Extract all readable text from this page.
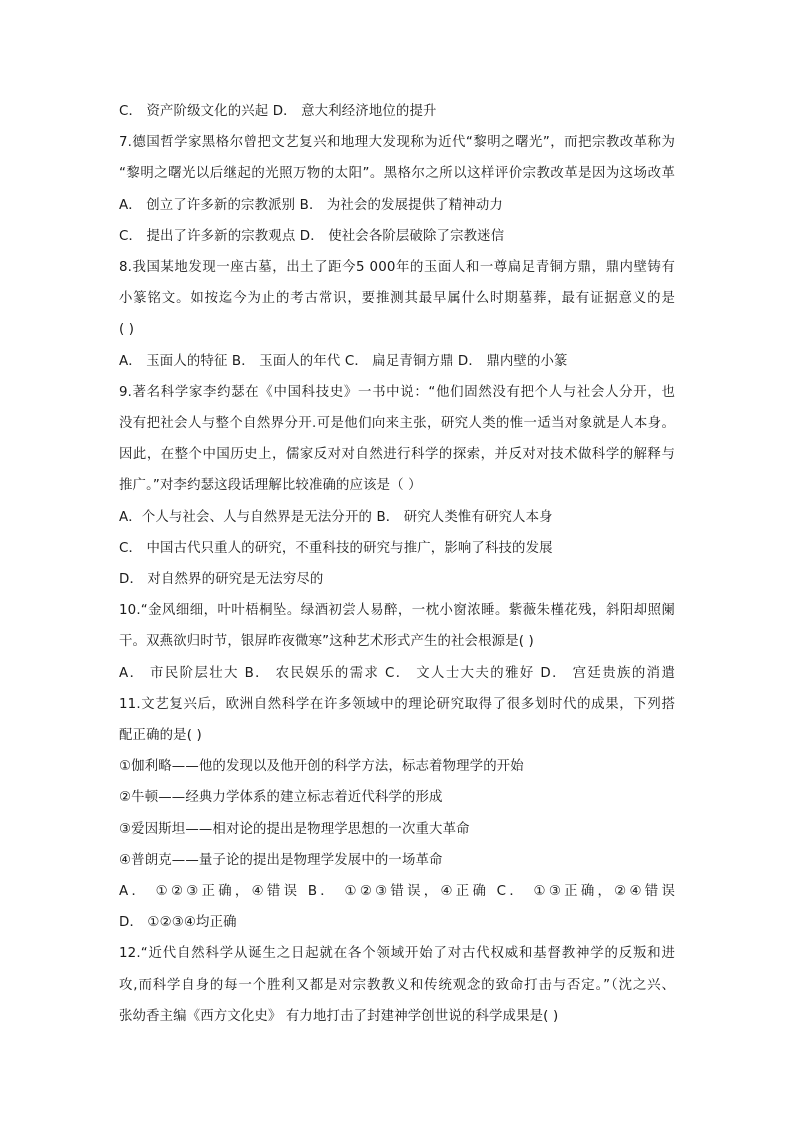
C． 资产阶级文化的兴起 D． 意大利经济地位的提升
7.德国哲学家黑格尔曾把文艺复兴和地理大发现称为近代“黎明之曙光”，而把宗教改革称为
“黎明之曙光以后继起的光照万物的太阳”。黑格尔之所以这样评价宗教改革是因为这场改革
A． 创立了许多新的宗教派别 B． 为社会的发展提供了精神动力
C． 提出了许多新的宗教观点 D． 使社会各阶层破除了宗教迷信
8.我国某地发现一座古墓，出土了距今5 000年的玉面人和一尊扁足青铜方鼎，鼎内壁铸有
小篆铭文。如按迄今为止的考古常识，要推测其最早属什么时期墓葬，最有证据意义的是
( )
A． 玉面人的特征 B． 玉面人的年代 C． 扁足青铜方鼎 D． 鼎内壁的小篆
9.著名科学家李约瑟在《中国科技史》一书中说：“他们固然没有把个人与社会人分开，也
没有把社会人与整个自然界分开.可是他们向来主张，研究人类的惟一适当对象就是人本身。
因此，在整个中国历史上，儒家反对对自然进行科学的探索，并反对对技术做科学的解释与
推广。”对李约瑟这段话理解比较准确的应该是（ ）
A．个人与社会、人与自然界是无法分开的 B． 研究人类惟有研究人本身
C． 中国古代只重人的研究，不重科技的研究与推广，影响了科技的发展
D． 对自然界的研究是无法穷尽的
10.“金风细细，叶叶梧桐坠。绿酒初尝人易醉，一枕小窗浓睡。紫薇朱槿花残，斜阳却照阑
干。双燕欲归时节，银屏昨夜微寒”这种艺术形式产生的社会根源是( )
A． 市民阶层壮大 B． 农民娱乐的需求 C． 文人士大夫的雅好 D． 宫廷贵族的消遣
11.文艺复兴后，欧洲自然科学在许多领域中的理论研究取得了很多划时代的成果，下列搭
配正确的是( )
①伽利略——他的发现以及他开创的科学方法，标志着物理学的开始
②牛顿——经典力学体系的建立标志着近代科学的形成
③爱因斯坦——相对论的提出是物理学思想的一次重大革命
④普朗克——量子论的提出是物理学发展中的一场革命
A． ①②③正确，④错误 B． ①②③错误，④正确 C． ①③正确，②④错误
D． ①②③④均正确
12.“近代自然科学从诞生之日起就在各个领域开始了对古代权威和基督教神学的反叛和进
攻,而科学自身的每一个胜利又都是对宗教教义和传统观念的致命打击与否定。”（沈之兴、
张幼香主编《西方文化史》 有力地打击了封建神学创世说的科学成果是( )
